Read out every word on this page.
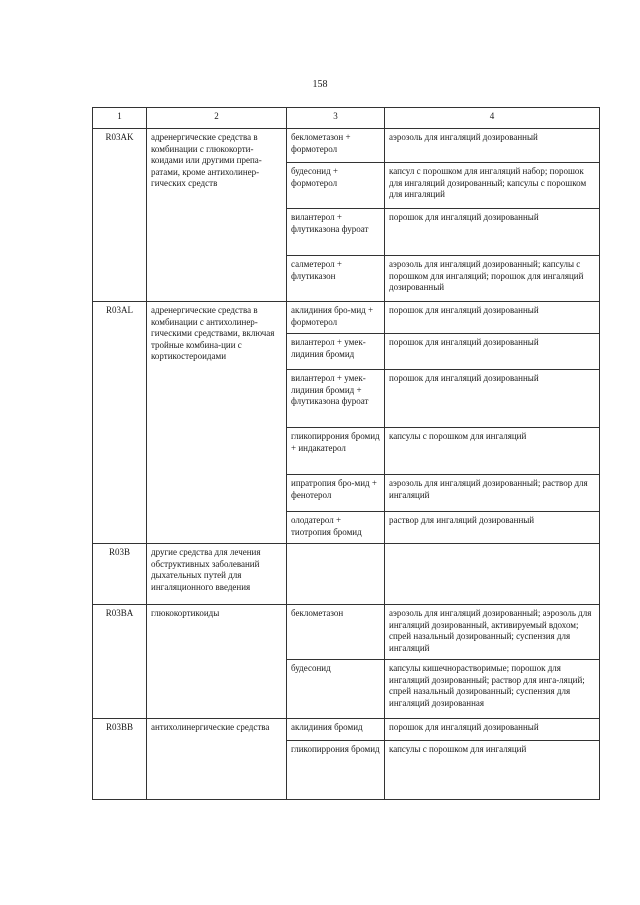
158
1	2	3	4
R03AK	адренергические средства в комбинации с глюкокорти-коидами или другими препа-ратами, кроме антихолинер-гических средств	беклометазон + формотерол	аэрозоль для ингаляций дозированный
		будесонид + формотерол	капсул с порошком для ингаляций набор; порошок для ингаляций дозированный; капсулы с порошком для ингаляций
		вилантерол + флутиказона фуроат	порошок для ингаляций дозированный
		салметерол + флутиказон	аэрозоль для ингаляций дозированный; капсулы с порошком для ингаляций; порошок для ингаляций дозированный
R03AL	адренергические средства в комбинации с антихолинер-гическими средствами, включая тройные комбина-ции с кортикостероидами	аклидиния бро-мид + формотерол	порошок для ингаляций дозированный
		вилантерол + умек-лидиния бромид	порошок для ингаляций дозированный
		вилантерол + умек-лидиния бромид + флутиказона фуроат	порошок для ингаляций дозированный
		гликопиррония бромид + индакатерол	капсулы с порошком для ингаляций
		ипратропия бро-мид + фенотерол	аэрозоль для ингаляций дозированный; раствор для ингаляций
		олодатерол + тиотропия бромид	раствор для ингаляций дозированный
R03B	другие средства для лечения обструктивных заболеваний дыхательных путей для ингаляционного введения		
R03BA	глюкокортикоиды	беклометазон	аэрозоль для ингаляций дозированный; аэрозоль для ингаляций дозированный, активируемый вдохом; спрей назальный дозированный; суспензия для ингаляций
		будесонид	капсулы кишечнорастворимые; порошок для ингаляций дозированный; раствор для инга-ляций; спрей назальный дозированный; суспензия для ингаляций дозированная
R03BB	антихолинергические средства	аклидиния бромид	порошок для ингаляций дозированный
		гликопиррония бромид	капсулы с порошком для ингаляций
